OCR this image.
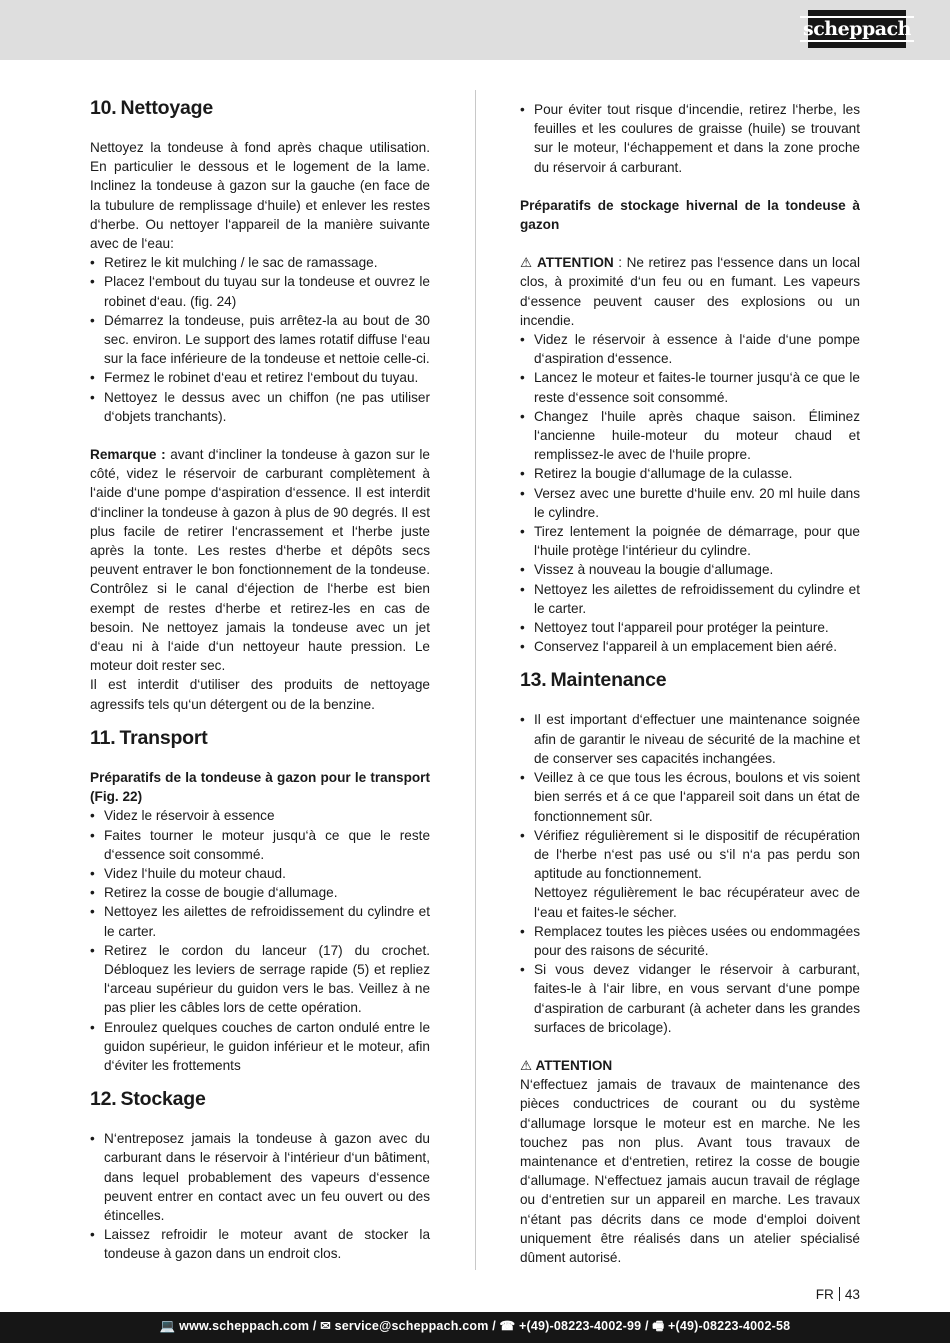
scheppach
10. Nettoyage

Nettoyez la tondeuse à fond après chaque utilisation. En particulier le dessous et le logement de la lame. Inclinez la tondeuse à gazon sur la gauche (en face de la tubulure de remplissage d‘huile) et enlever les restes d‘herbe. Ou nettoyer l‘appareil de la manière suivante avec de l‘eau:

• Retirez le kit mulching / le sac de ramassage.
• Placez l‘embout du tuyau sur la tondeuse et ouvrez le robinet d‘eau. (fig. 24)
• Démarrez la tondeuse, puis arrêtez-la au bout de 30 sec. environ. Le support des lames rotatif diffuse l‘eau sur la face inférieure de la tondeuse et nettoie celle-ci.
• Fermez le robinet d‘eau et retirez l‘embout du tuyau.
• Nettoyez le dessus avec un chiffon (ne pas utiliser d‘objets tranchants).

Remarque : avant d‘incliner la tondeuse à gazon sur le côté, videz le réservoir de carburant complètement à l‘aide d‘une pompe d‘aspiration d‘essence. Il est interdit d‘incliner la tondeuse à gazon à plus de 90 degrés. Il est plus facile de retirer l‘encrassement et l‘herbe juste après la tonte. Les restes d‘herbe et dépôts secs peuvent entraver le bon fonctionnement de la tondeuse. Contrôlez si le canal d‘éjection de l‘herbe est bien exempt de restes d‘herbe et retirez-les en cas de besoin. Ne nettoyez jamais la tondeuse avec un jet d‘eau ni à l‘aide d‘un nettoyeur haute pression. Le moteur doit rester sec.

Il est interdit d‘utiliser des produits de nettoyage agressifs tels qu‘un détergent ou de la benzine.

11. Transport

Préparatifs de la tondeuse à gazon pour le transport (Fig. 22)

• Videz le réservoir à essence
• Faites tourner le moteur jusqu‘à ce que le reste d‘essence soit consommé.
• Videz l‘huile du moteur chaud.
• Retirez la cosse de bougie d‘allumage.
• Nettoyez les ailettes de refroidissement du cylindre et le carter.
• Retirez le cordon du lanceur (17) du crochet. Débloquez les leviers de serrage rapide (5) et repliez l‘arceau supérieur du guidon vers le bas. Veillez à ne pas plier les câbles lors de cette opération.
• Enroulez quelques couches de carton ondulé entre le guidon supérieur, le guidon inférieur et le moteur, afin d‘éviter les frottements
12. Stockage
• N‘entreposez jamais la tondeuse à gazon avec du carburant dans le réservoir à l‘intérieur d‘un bâtiment, dans lequel probablement des vapeurs d‘essence peuvent entrer en contact avec un feu ouvert ou des étincelles.
• Laissez refroidir le moteur avant de stocker la tondeuse à gazon dans un endroit clos.
• Pour éviter tout risque d‘incendie, retirez l‘herbe, les feuilles et les coulures de graisse (huile) se trouvant sur le moteur, l‘échappement et dans la zone proche du réservoir á carburant.

Préparatifs de stockage hivernal de la tondeuse à gazon

⚠ ATTENTION : Ne retirez pas l‘essence dans un local clos, à proximité d‘un feu ou en fumant. Les vapeurs d‘essence peuvent causer des explosions ou un incendie.

• Videz le réservoir à essence à l‘aide d‘une pompe d‘aspiration d‘essence.
• Lancez le moteur et faites-le tourner jusqu‘à ce que le reste d‘essence soit consommé.
• Changez l‘huile après chaque saison. Éliminez l‘ancienne huile-moteur du moteur chaud et remplissez-le avec de l‘huile propre.
• Retirez la bougie d‘allumage de la culasse.
• Versez avec une burette d‘huile env. 20 ml huile dans le cylindre.
• Tirez lentement la poignée de démarrage, pour que l‘huile protège l‘intérieur du cylindre.
• Vissez à nouveau la bougie d‘allumage.
• Nettoyez les ailettes de refroidissement du cylindre et le carter.
• Nettoyez tout l‘appareil pour protéger la peinture.
• Conservez l‘appareil à un emplacement bien aéré.
13. Maintenance
• Il est important d‘effectuer une maintenance soignée afin de garantir le niveau de sécurité de la machine et de conserver ses capacités inchangées.
• Veillez à ce que tous les écrous, boulons et vis soient bien serrés et á ce que l‘appareil soit dans un état de fonctionnement sûr.
• Vérifiez régulièrement si le dispositif de récupération de l‘herbe n‘est pas usé ou s‘il n‘a pas perdu son aptitude au fonctionnement.
Nettoyez régulièrement le bac récupérateur avec de l‘eau et faites-le sécher.
• Remplacez toutes les pièces usées ou endommagées pour des raisons de sécurité.
• Si vous devez vidanger le réservoir à carburant, faites-le à l‘air libre, en vous servant d‘une pompe d‘aspiration de carburant (à acheter dans les grandes surfaces de bricolage).

⚠ ATTENTION

N‘effectuez jamais de travaux de maintenance des pièces conductrices de courant ou du système d‘allumage lorsque le moteur est en marche. Ne les touchez pas non plus. Avant tous travaux de maintenance et d‘entretien, retirez la cosse de bougie d‘allumage. N‘effectuez jamais aucun travail de réglage ou d‘entretien sur un appareil en marche. Les travaux n‘étant pas décrits dans ce mode d‘emploi doivent uniquement être réalisés dans un atelier spécialisé dûment autorisé.

FR 43
💻 www.scheppach.com / ✉ service@scheppach.com / ☎ +(49)-08223-4002-99 / 🖷 +(49)-08223-4002-58
